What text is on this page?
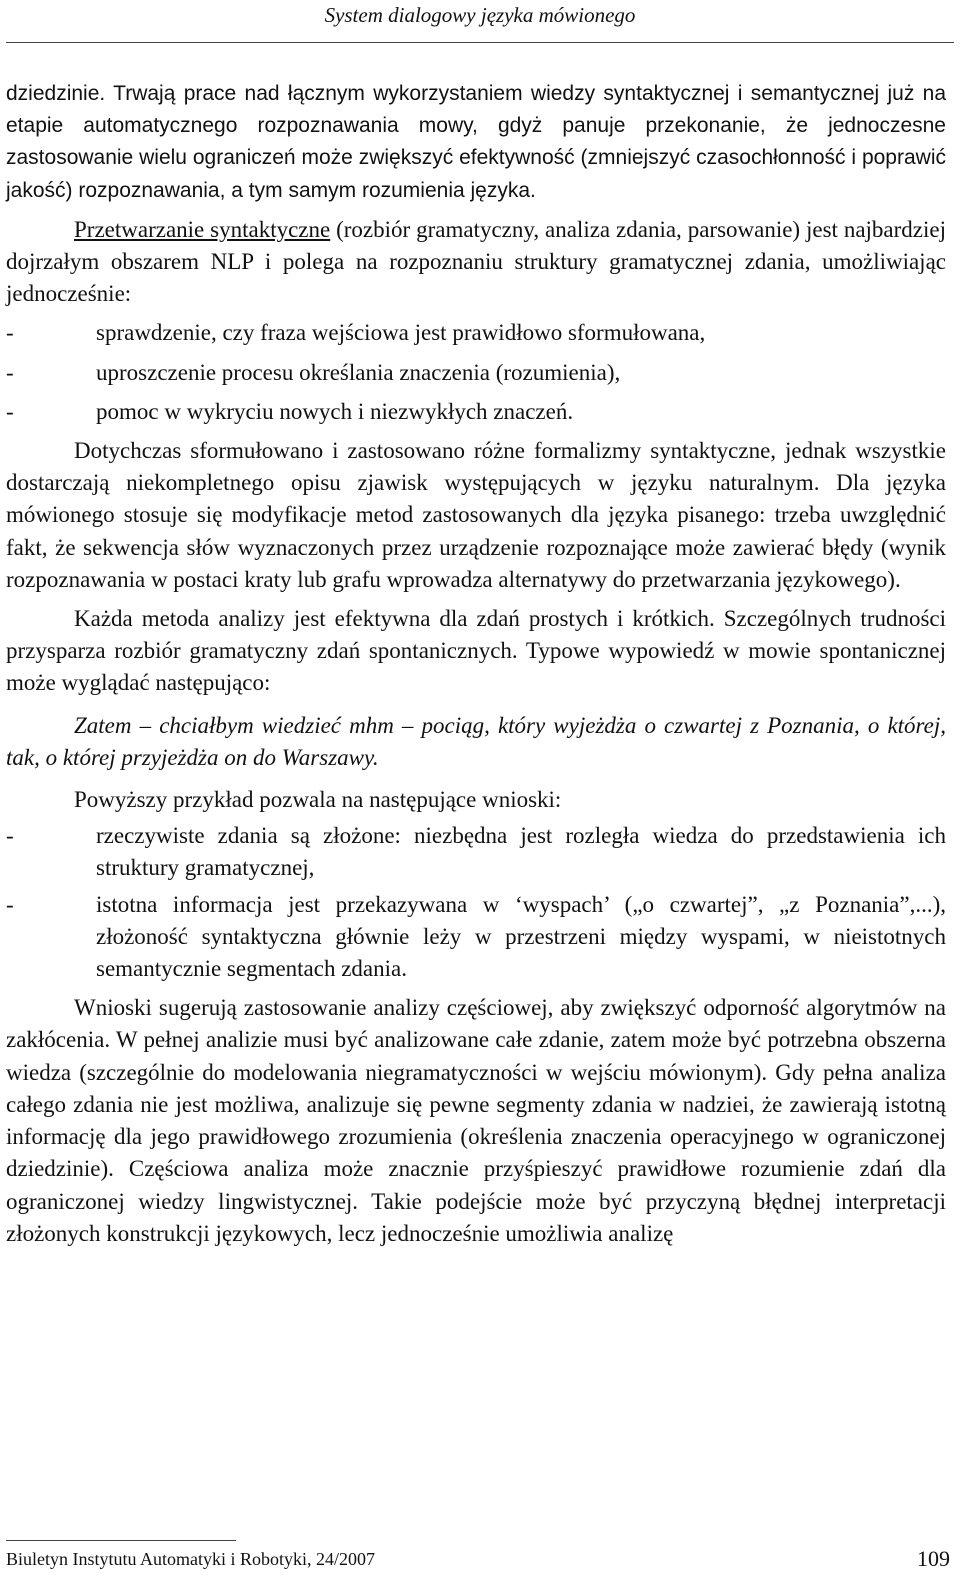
System dialogowy języka mówionego

dziedzinie. Trwają prace nad łącznym wykorzystaniem wiedzy syntaktycznej i semantycznej już na etapie automatycznego rozpoznawania mowy, gdyż panuje przekonanie, że jednoczesne zastosowanie wielu ograniczeń może zwiększyć efektywność (zmniejszyć czasochłonność i poprawić jakość) rozpoznawania, a tym samym rozumienia języka.

Przetwarzanie syntaktyczne (rozbiór gramatyczny, analiza zdania, parsowanie) jest najbardziej dojrzałym obszarem NLP i polega na rozpoznaniu struktury gramatycznej zdania, umożliwiając jednocześnie:

-	sprawdzenie, czy fraza wejściowa jest prawidłowo sformułowana,
-	uproszczenie procesu określania znaczenia (rozumienia),
-	pomoc w wykryciu nowych i niezwykłych znaczeń.

Dotychczas sformułowano i zastosowano różne formalizmy syntaktyczne, jednak wszystkie dostarczają niekompletnego opisu zjawisk występujących w języku naturalnym. Dla języka mówionego stosuje się modyfikacje metod zastosowanych dla języka pisanego: trzeba uwzględnić fakt, że sekwencja słów wyznaczonych przez urządzenie rozpoznające może zawierać błędy (wynik rozpoznawania w postaci kraty lub grafu wprowadza alternatywy do przetwarzania językowego).

Każda metoda analizy jest efektywna dla zdań prostych i krótkich. Szczególnych trudności przysparza rozbiór gramatyczny zdań spontanicznych. Typowe wypowiedź w mowie spontanicznej może wyglądać następująco:

Zatem – chciałbym wiedzieć mhm – pociąg, który wyjeżdża o czwartej z Poznania, o której, tak, o której przyjeżdża on do Warszawy.

Powyższy przykład pozwala na następujące wnioski:

-	rzeczywiste zdania są złożone: niezbędna jest rozległa wiedza do przedstawienia ich struktury gramatycznej,
-	istotna informacja jest przekazywana w ‘wyspach’ („o czwartej”, „z Poznania”,...), złożoność syntaktyczna głównie leży w przestrzeni między wyspami, w nieistotnych semantycznie segmentach zdania.

Wnioski sugerują zastosowanie analizy częściowej, aby zwiększyć odporność algorytmów na zakłócenia. W pełnej analizie musi być analizowane całe zdanie, zatem może być potrzebna obszerna wiedza (szczególnie do modelowania niegramatyczności w wejściu mówionym). Gdy pełna analiza całego zdania nie jest możliwa, analizuje się pewne segmenty zdania w nadziei, że zawierają istotną informację dla jego prawidłowego zrozumienia (określenia znaczenia operacyjnego w ograniczonej dziedzinie). Częściowa analiza może znacznie przyśpieszyć prawidłowe rozumienie zdań dla ograniczonej wiedzy lingwistycznej. Takie podejście może być przyczyną błędnej interpretacji złożonych konstrukcji językowych, lecz jednocześnie umożliwia analizę

Biuletyn Instytutu Automatyki i Robotyki, 24/2007	109
